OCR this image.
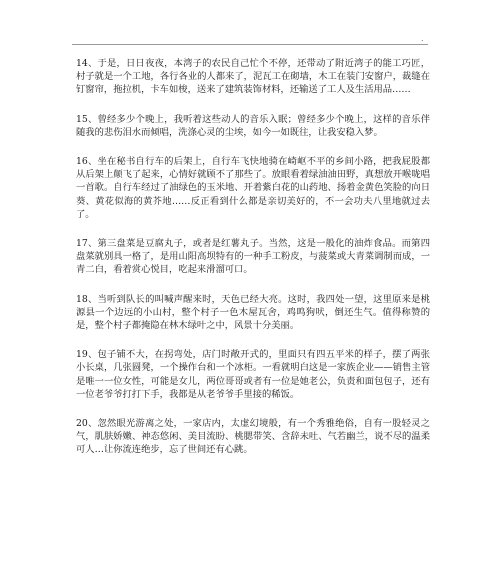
.

14、于是，日日夜夜，本湾子的农民自己忙个不停，还带动了附近湾子的能工巧匠，村子就是一个工地，各行各业的人都来了，泥瓦工在砌墙，木工在装门安窗户，裁缝在钉窗帘，拖拉机，卡车如梭，送来了建筑装饰材料，还输送了工人及生活用品……

15、曾经多少个晚上，我听着这些动人的音乐入眠；曾经多少个晚上，这样的音乐伴随我的悲伤泪水而倾唱，洗涤心灵的尘埃，如今一如既往，让我安稳入梦。

16、坐在秘书自行车的后架上，自行车飞快地骑在崎岖不平的乡间小路，把我屁股都从后架上颠飞了起来，心情好就顾不了那些了。放眼看着绿油油田野，真想放开喉咙唱一首歌。自行车经过了油绿色的玉米地、开着紫白花的山药地、扬着金黄色笑脸的向日葵、黄花似海的黄芥地……反正看到什么都是亲切美好的，不一会功夫八里地就过去了。

17、第三盘菜是豆腐丸子，或者是红薯丸子。当然，这是一般化的油炸食品。而第四盘菜就别具一格了，是用山阳高坝特有的一种手工粉皮，与菠菜或大青菜调制而成，一青二白，看着赏心悦目，吃起来滑溜可口。

18、当听到队长的叫喊声醒来时，天色已经大亮。这时，我四处一望，这里原来是桃源县一个边远的小山村，整个村子一色木屋瓦舍，鸡鸣狗吠，倒还生气。值得称赞的是，整个村子都掩隐在林木绿叶之中，风景十分美丽。

19、包子铺不大，在拐弯处，店门时敞开式的，里面只有四五平米的样子，摆了两张小长桌，几张圆凳，一个操作台和一个冰柜。一看就明白这是一家族企业——销售主管是唯一一位女性，可能是女儿，两位哥哥或者有一位是她老公，负责和面包包子，还有一位老爷爷打打下手，我都是从老爷爷手里接的稀饭。

20、忽然眼光游离之处，一家店内，太虚幻境般，有一个秀雅绝俗，自有一股轻灵之气，肌肤娇嫩、神态悠闲、美目流盼、桃腮带笑、含辞未吐、气若幽兰，说不尽的温柔可人…让你流连绝步，忘了世间还有心跳。
